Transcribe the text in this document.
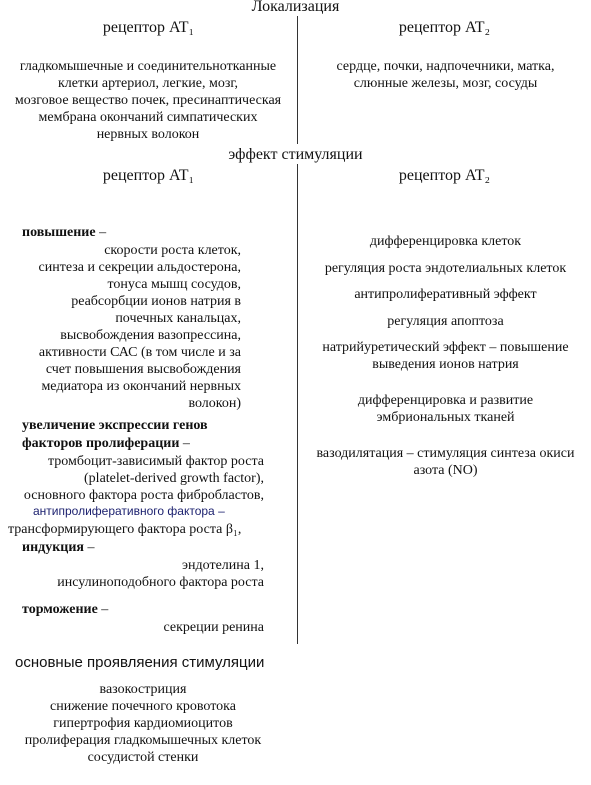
Локализация
рецептор AT₁	рецептор AT₂
гладкомышечные и соединительнотканные
клетки артериол, легкие, мозг,
мозговое вещество почек, пресинаптическая
мембрана окончаний симпатических
нервных волокон
сердце, почки, надпочечники, матка,
слюнные железы, мозг, сосуды
эффект стимуляции
рецептор AT₁	рецептор AT₂
повышение –
скорости роста клеток,
синтеза и секреции альдостерона,
тонуса мышц сосудов,
реабсорбции ионов натрия в
почечных канальцах,
высвобождения вазопрессина,
активности САС (в том числе и за
счет повышения высвобождения
медиатора из окончаний нервных
волокон)
увеличение экспрессии генов
факторов пролиферации –
тромбоцит-зависимый фактор роста
(platelet-derived growth factor),
основного фактора роста фибробластов,
антипролиферативного фактора –
трансформирующего фактора роста β₁,
индукция –
эндотелина 1,
инсулиноподобного фактора роста
торможение –
секреции ренина
дифференцировка клеток
регуляция роста эндотелиальных клеток
антипролиферативный эффект
регуляция апоптоза
натрийуретический эффект – повышение
выведения ионов натрия
дифференцировка и развитие
эмбриональных тканей
вазодилятация – стимуляция синтеза окиси
азота (NO)
основные проявляения стимуляции
вазокостриция
снижение почечного кровотока
гипертрофия кардиомиоцитов
пролиферация гладкомышечных клеток
сосудистой стенки
